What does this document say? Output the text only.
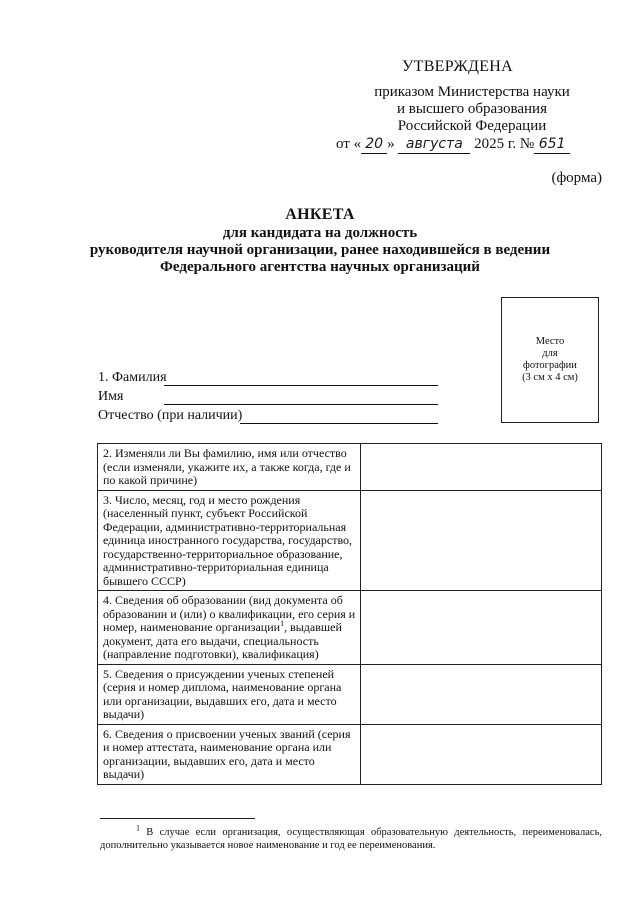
УТВЕРЖДЕНА
приказом Министерства науки
и высшего образования
Российской Федерации
от « 20 » августа 2025 г. № 651
(форма)
АНКЕТА
для кандидата на должность
руководителя научной организации, ранее находившейся в ведении
Федерального агентства научных организаций
Место
для
фотографии
(3 см х 4 см)
1. Фамилия
Имя
Отчество (при наличии)
2. Изменяли ли Вы фамилию, имя или отчество (если изменяли, укажите их, а также когда, где и по какой причине)	
3. Число, месяц, год и место рождения (населенный пункт, субъект Российской Федерации, административно-территориальная единица иностранного государства, государство, государственно-территориальное образование, административно-территориальная единица бывшего СССР)	
4. Сведения об образовании (вид документа об образовании и (или) о квалификации, его серия и номер, наименование организации$^1$, выдавшей документ, дата его выдачи, специальность (направление подготовки), квалификация)	
5. Сведения о присуждении ученых степеней (серия и номер диплома, наименование органа или организации, выдавших его, дата и место выдачи)	
6. Сведения о присвоении ученых званий (серия и номер аттестата, наименование органа или организации, выдавших его, дата и место выдачи)	
$^1$ В случае если организация, осуществляющая образовательную деятельность, переименовалась, дополнительно указывается новое наименование и год ее переименования.
